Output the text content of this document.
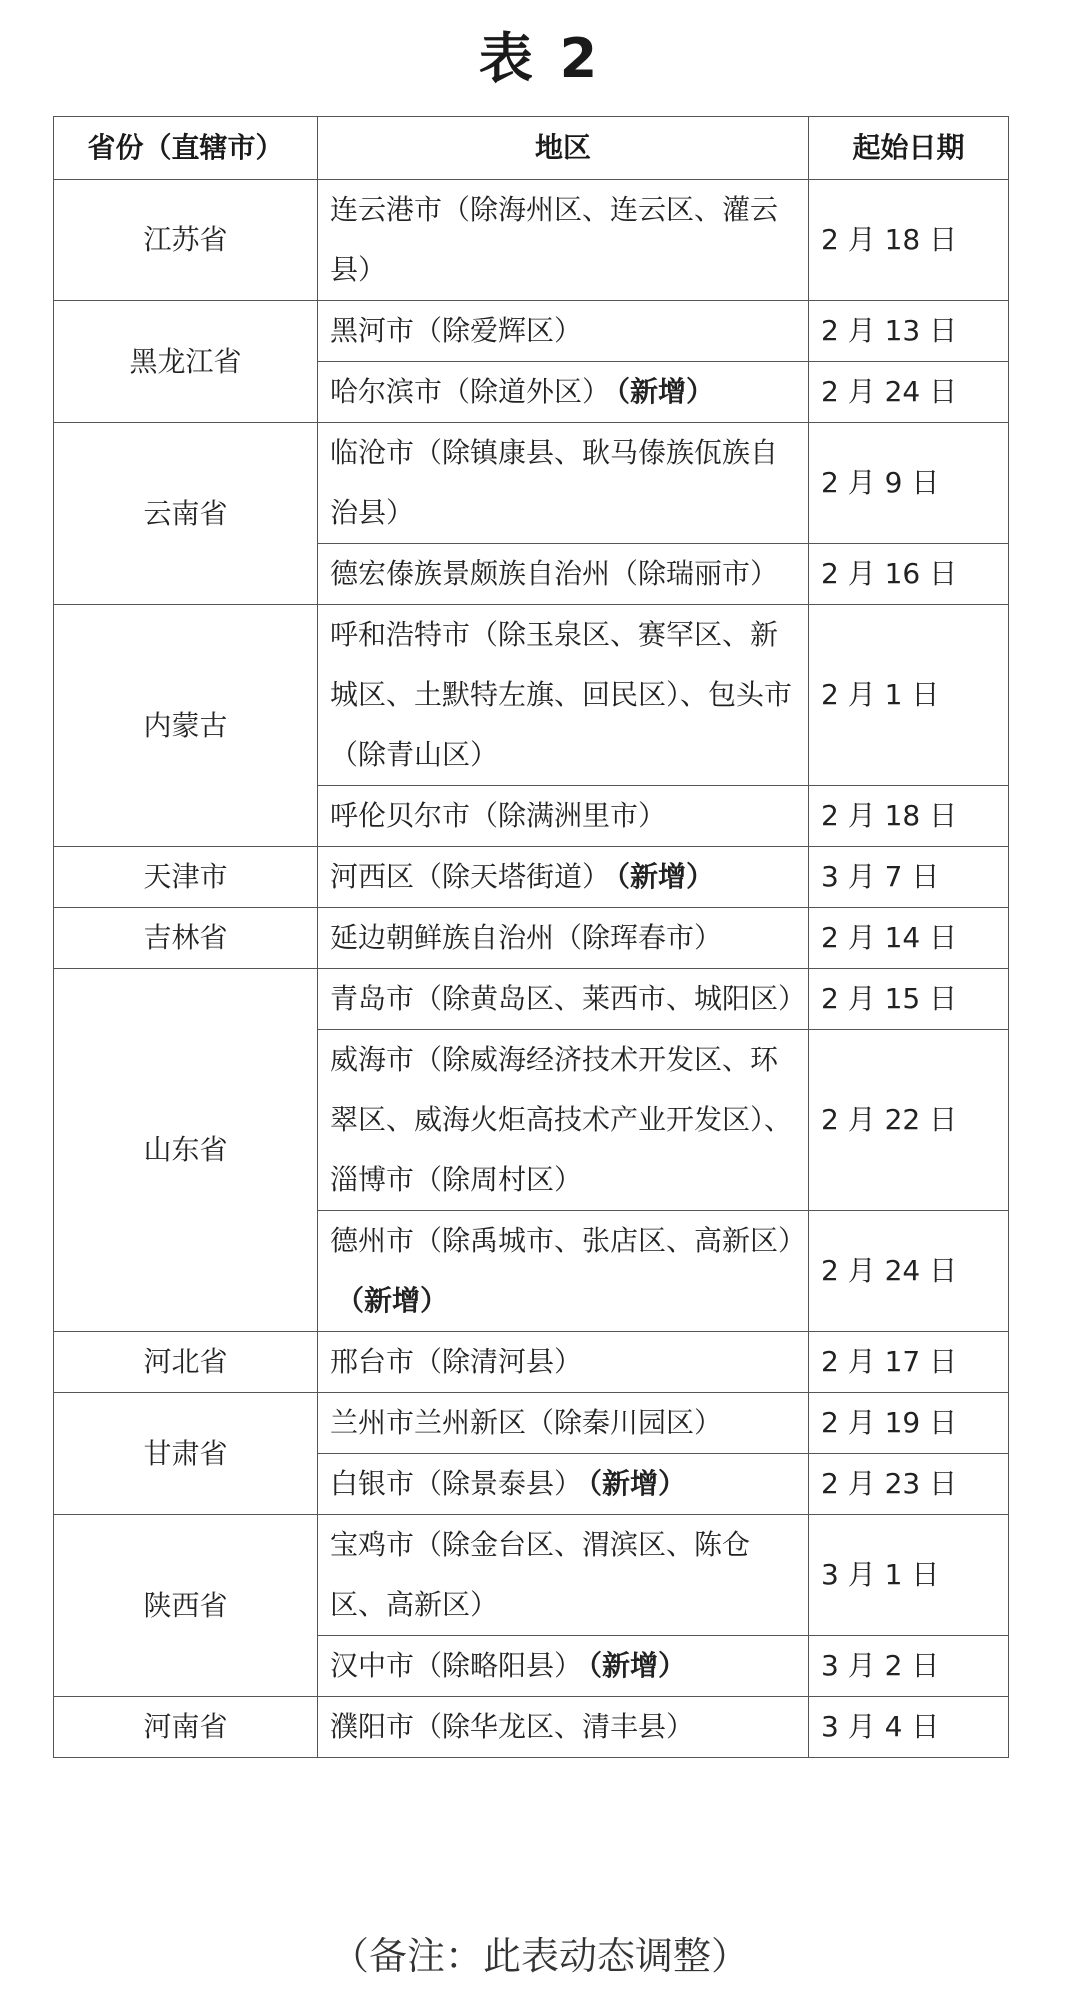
表 2
省份（直辖市）	地区	起始日期
江苏省	连云港市（除海州区、连云区、灌云县）	2 月 18 日
黑龙江省	黑河市（除爱辉区）	2 月 13 日
	哈尔滨市（除道外区） （新增）	2 月 24 日
云南省	临沧市（除镇康县、耿马傣族佤族自治县）	2 月 9 日
	德宏傣族景颇族自治州（除瑞丽市）	2 月 16 日
内蒙古	呼和浩特市（除玉泉区、赛罕区、新城区、土默特左旗、回民区）、包头市（除青山区）	2 月 1 日
	呼伦贝尔市（除满洲里市）	2 月 18 日
天津市	河西区（除天塔街道） （新增）	3 月 7 日
吉林省	延边朝鲜族自治州（除珲春市）	2 月 14 日
山东省	青岛市（除黄岛区、莱西市、城阳区）	2 月 15 日
	威海市（除威海经济技术开发区、环翠区、威海火炬高技术产业开发区）、淄博市（除周村区）	2 月 22 日
	德州市（除禹城市、张店区、高新区）（新增）	2 月 24 日
河北省	邢台市（除清河县）	2 月 17 日
甘肃省	兰州市兰州新区（除秦川园区）	2 月 19 日
	白银市（除景泰县） （新增）	2 月 23 日
陕西省	宝鸡市（除金台区、渭滨区、陈仓区、高新区）	3 月 1 日
	汉中市（除略阳县） （新增）	3 月 2 日
河南省	濮阳市（除华龙区、清丰县）	3 月 4 日
（备注：此表动态调整）
